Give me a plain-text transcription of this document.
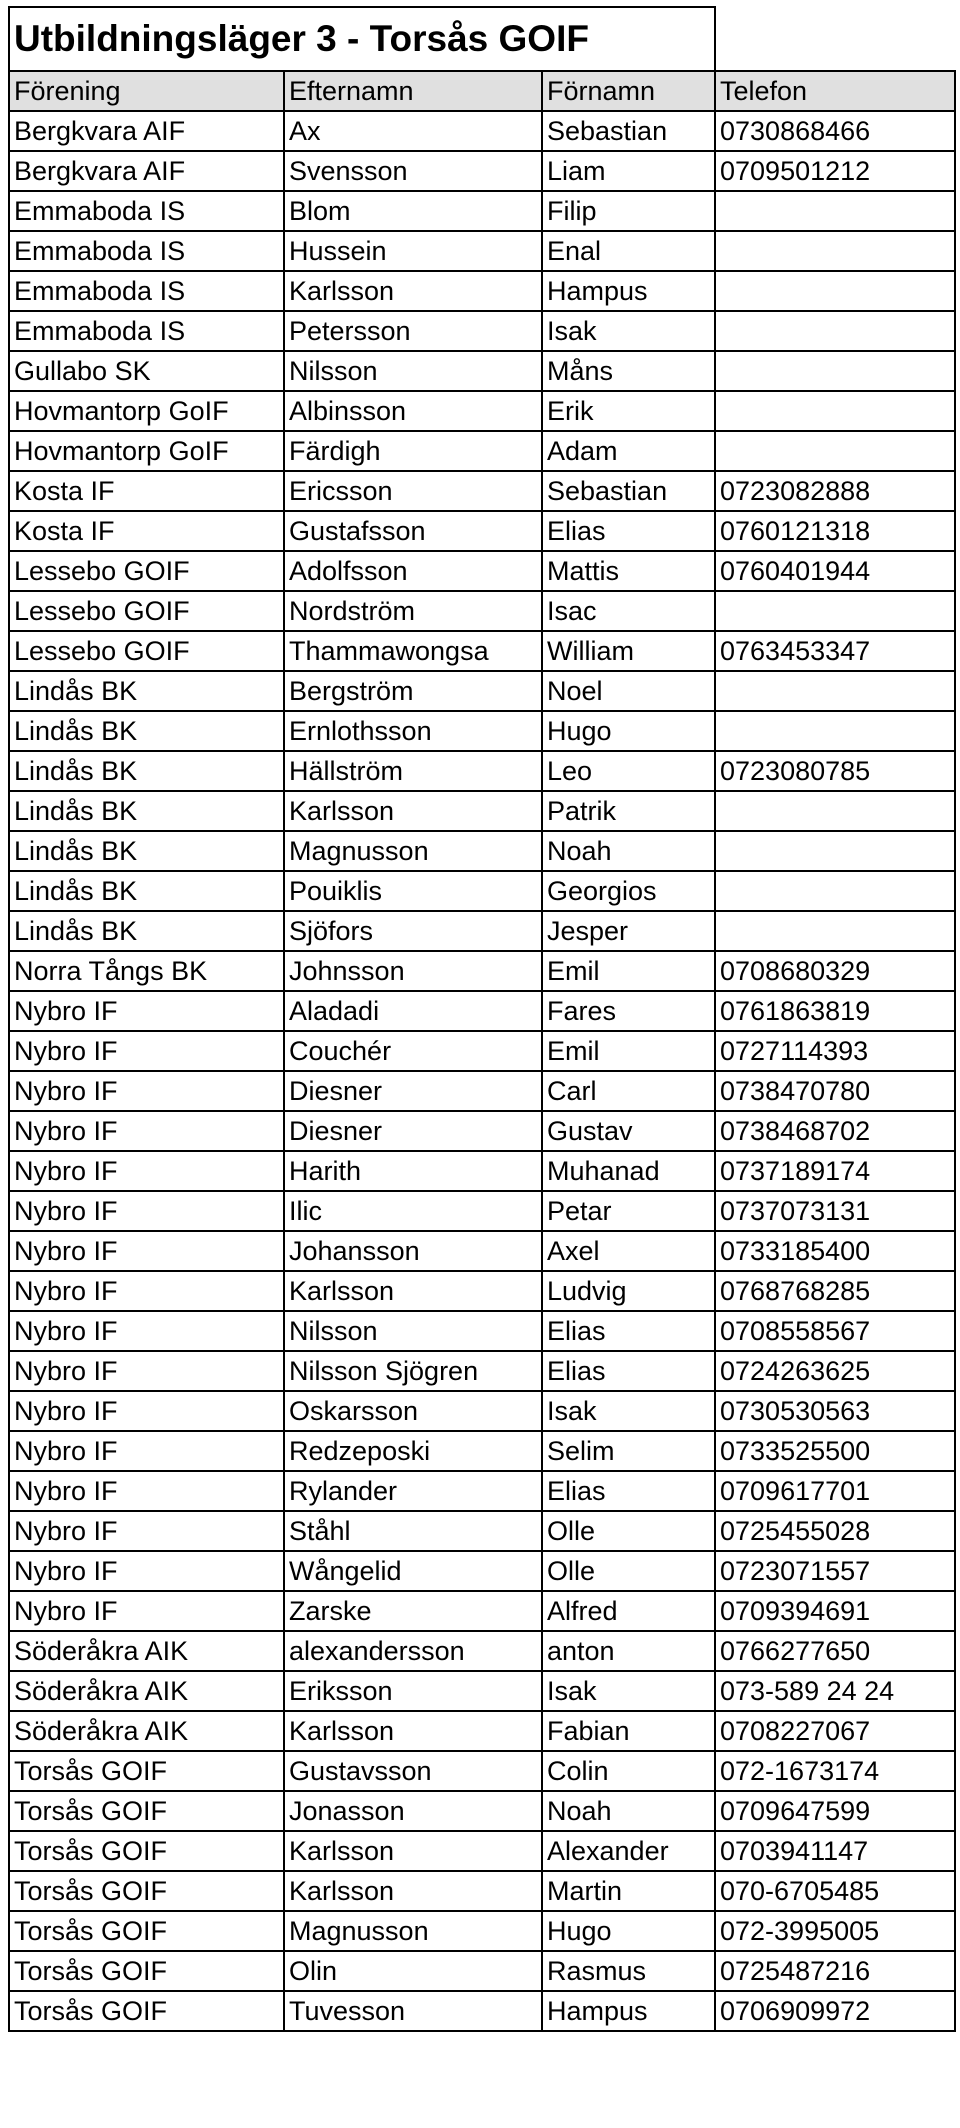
Utbildningsläger 3 - Torsås GOIF			
Förening	Efternamn	Förnamn	Telefon
Bergkvara AIF	Ax	Sebastian	0730868466
Bergkvara AIF	Svensson	Liam	0709501212
Emmaboda IS	Blom	Filip	
Emmaboda IS	Hussein	Enal	
Emmaboda IS	Karlsson	Hampus	
Emmaboda IS	Petersson	Isak	
Gullabo SK	Nilsson	Måns	
Hovmantorp GoIF	Albinsson	Erik	
Hovmantorp GoIF	Färdigh	Adam	
Kosta IF	Ericsson	Sebastian	0723082888
Kosta IF	Gustafsson	Elias	0760121318
Lessebo GOIF	Adolfsson	Mattis	0760401944
Lessebo GOIF	Nordström	Isac	
Lessebo GOIF	Thammawongsa	William	0763453347
Lindås BK	Bergström	Noel	
Lindås BK	Ernlothsson	Hugo	
Lindås BK	Hällström	Leo	0723080785
Lindås BK	Karlsson	Patrik	
Lindås BK	Magnusson	Noah	
Lindås BK	Pouiklis	Georgios	
Lindås BK	Sjöfors	Jesper	
Norra Tångs BK	Johnsson	Emil	0708680329
Nybro IF	Aladadi	Fares	0761863819
Nybro IF	Couchér	Emil	0727114393
Nybro IF	Diesner	Carl	0738470780
Nybro IF	Diesner	Gustav	0738468702
Nybro IF	Harith	Muhanad	0737189174
Nybro IF	Ilic	Petar	0737073131
Nybro IF	Johansson	Axel	0733185400
Nybro IF	Karlsson	Ludvig	0768768285
Nybro IF	Nilsson	Elias	0708558567
Nybro IF	Nilsson Sjögren	Elias	0724263625
Nybro IF	Oskarsson	Isak	0730530563
Nybro IF	Redzeposki	Selim	0733525500
Nybro IF	Rylander	Elias	0709617701
Nybro IF	Ståhl	Olle	0725455028
Nybro IF	Wångelid	Olle	0723071557
Nybro IF	Zarske	Alfred	0709394691
Söderåkra AIK	alexandersson	anton	0766277650
Söderåkra AIK	Eriksson	Isak	073-589 24 24
Söderåkra AIK	Karlsson	Fabian	0708227067
Torsås GOIF	Gustavsson	Colin	072-1673174
Torsås GOIF	Jonasson	Noah	0709647599
Torsås GOIF	Karlsson	Alexander	0703941147
Torsås GOIF	Karlsson	Martin	070-6705485
Torsås GOIF	Magnusson	Hugo	072-3995005
Torsås GOIF	Olin	Rasmus	0725487216
Torsås GOIF	Tuvesson	Hampus	0706909972
